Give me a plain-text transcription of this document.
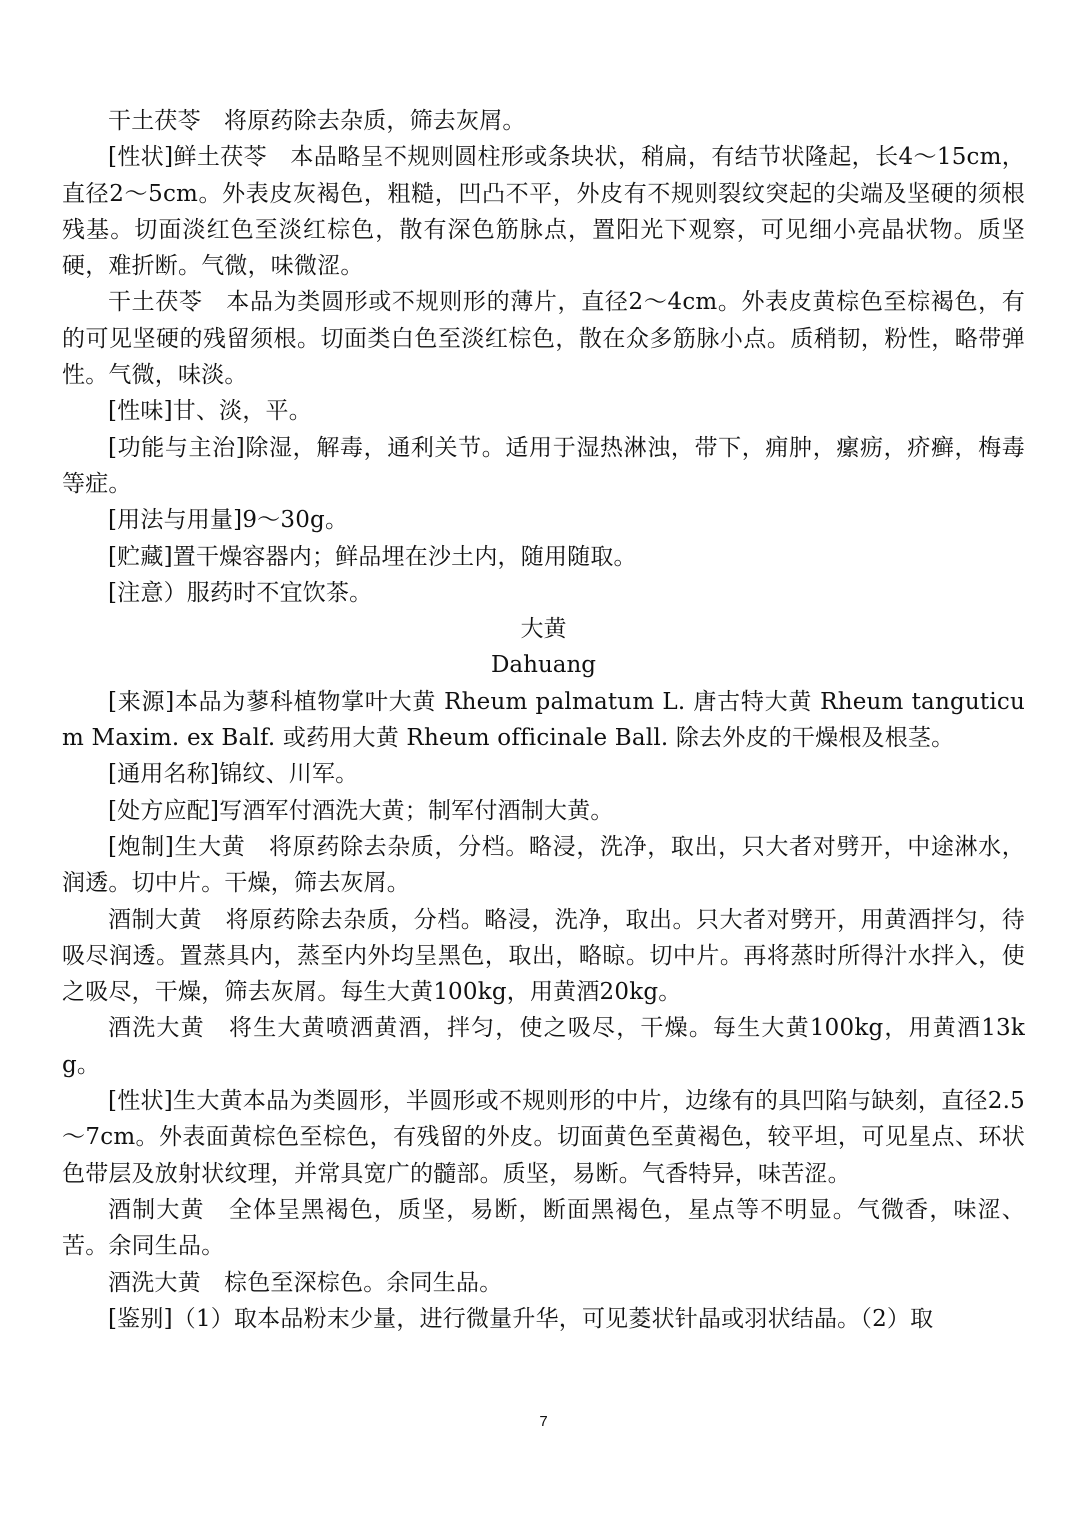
干土茯苓　将原药除去杂质，筛去灰屑。

[性状]鲜土茯苓　本品略呈不规则圆柱形或条块状，稍扁，有结节状隆起，长4～15cm，直径2～5cm。外表皮灰褐色，粗糙，凹凸不平，外皮有不规则裂纹突起的尖端及坚硬的须根残基。切面淡红色至淡红棕色，散有深色筋脉点，置阳光下观察，可见细小亮晶状物。质坚硬，难折断。气微，味微涩。

干土茯苓　本品为类圆形或不规则形的薄片，直径2～4cm。外表皮黄棕色至棕褐色，有的可见坚硬的残留须根。切面类白色至淡红棕色，散在众多筋脉小点。质稍韧，粉性，略带弹性。气微，味淡。

[性味]甘、淡，平。

[功能与主治]除湿，解毒，通利关节。适用于湿热淋浊，带下，痈肿，瘰疬，疥癣，梅毒等症。

[用法与用量]9～30g。

[贮藏]置干燥容器内；鲜品埋在沙土内，随用随取。

[注意）服药时不宜饮茶。

大黄

Dahuang

[来源]本品为蓼科植物掌叶大黄 Rheum palmatum L. 唐古特大黄 Rheum tanguticum Maxim. ex Balf. 或药用大黄 Rheum officinale Ball. 除去外皮的干燥根及根茎。

[通用名称]锦纹、川军。

[处方应配]写酒军付酒洗大黄；制军付酒制大黄。

[炮制]生大黄　将原药除去杂质，分档。略浸，洗净，取出，只大者对劈开，中途淋水，润透。切中片。干燥，筛去灰屑。

酒制大黄　将原药除去杂质，分档。略浸，洗净，取出。只大者对劈开，用黄酒拌匀，待吸尽润透。置蒸具内，蒸至内外均呈黑色，取出，略晾。切中片。再将蒸时所得汁水拌入，使之吸尽，干燥，筛去灰屑。每生大黄100kg，用黄酒20kg。

酒洗大黄　将生大黄喷洒黄酒，拌匀，使之吸尽，干燥。每生大黄100kg，用黄酒13kg。

[性状]生大黄本品为类圆形，半圆形或不规则形的中片，边缘有的具凹陷与缺刻，直径2.5～7cm。外表面黄棕色至棕色，有残留的外皮。切面黄色至黄褐色，较平坦，可见星点、环状色带层及放射状纹理，并常具宽广的髓部。质坚，易断。气香特异，味苦涩。

酒制大黄　全体呈黑褐色，质坚，易断，断面黑褐色，星点等不明显。气微香，味涩、苦。余同生品。

酒洗大黄　棕色至深棕色。余同生品。

[鉴别]（1）取本品粉末少量，进行微量升华，可见菱状针晶或羽状结晶。（2）取

7
